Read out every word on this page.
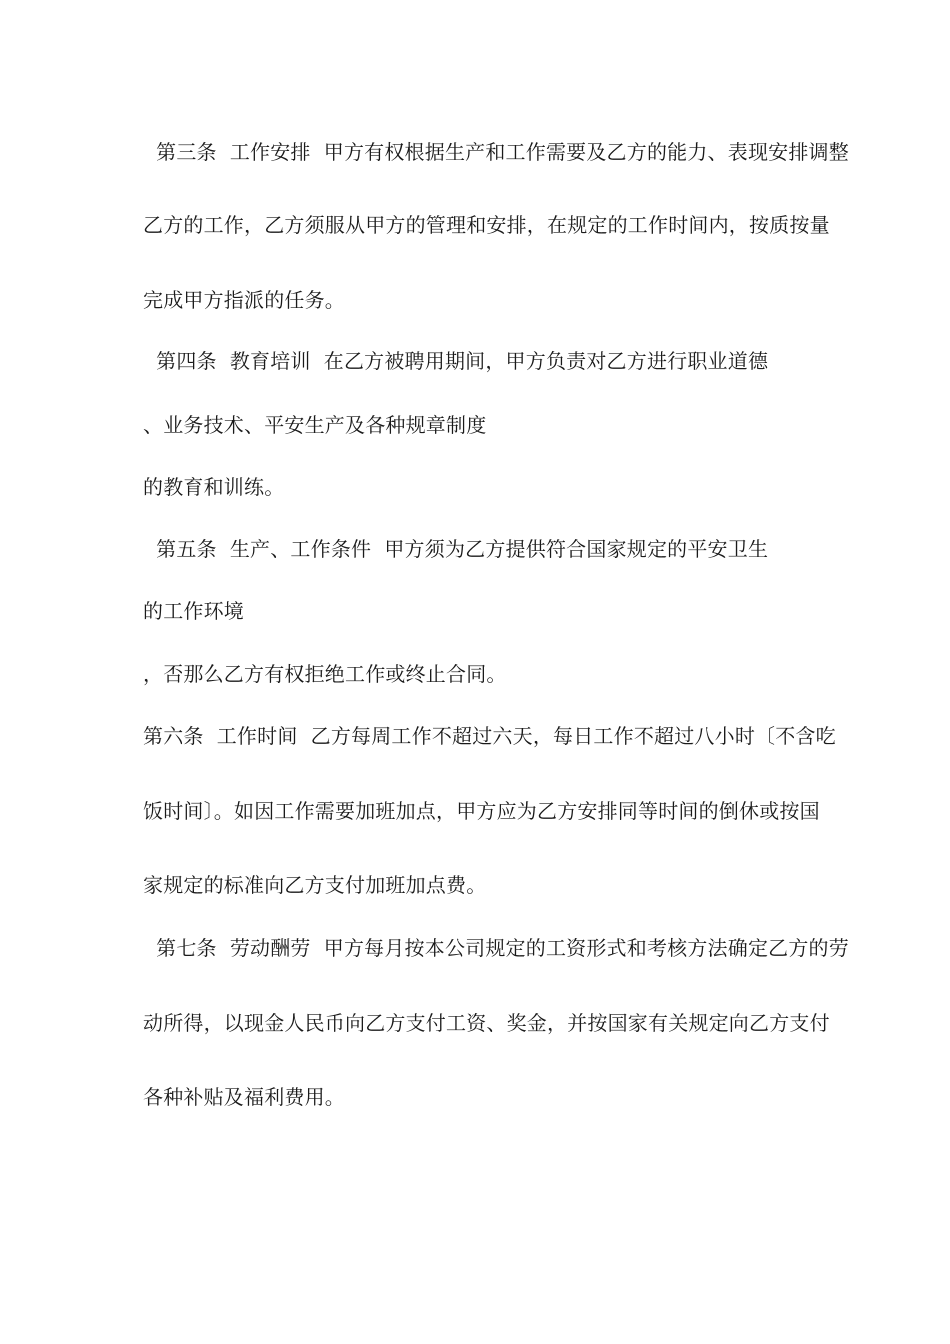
第三条  工作安排  甲方有权根据生产和工作需要及乙方的能力、表现安排调整
乙方的工作，乙方须服从甲方的管理和安排，在规定的工作时间内，按质按量
完成甲方指派的任务。
第四条  教育培训  在乙方被聘用期间，甲方负责对乙方进行职业道德
、业务技术、平安生产及各种规章制度
的教育和训练。
第五条  生产、工作条件  甲方须为乙方提供符合国家规定的平安卫生
的工作环境
，否那么乙方有权拒绝工作或终止合同。
第六条  工作时间  乙方每周工作不超过六天，每日工作不超过八小时〔不含吃
饭时间〕。如因工作需要加班加点，甲方应为乙方安排同等时间的倒休或按国
家规定的标准向乙方支付加班加点费。
第七条  劳动酬劳  甲方每月按本公司规定的工资形式和考核方法确定乙方的劳
动所得，以现金人民币向乙方支付工资、奖金，并按国家有关规定向乙方支付
各种补贴及福利费用。
